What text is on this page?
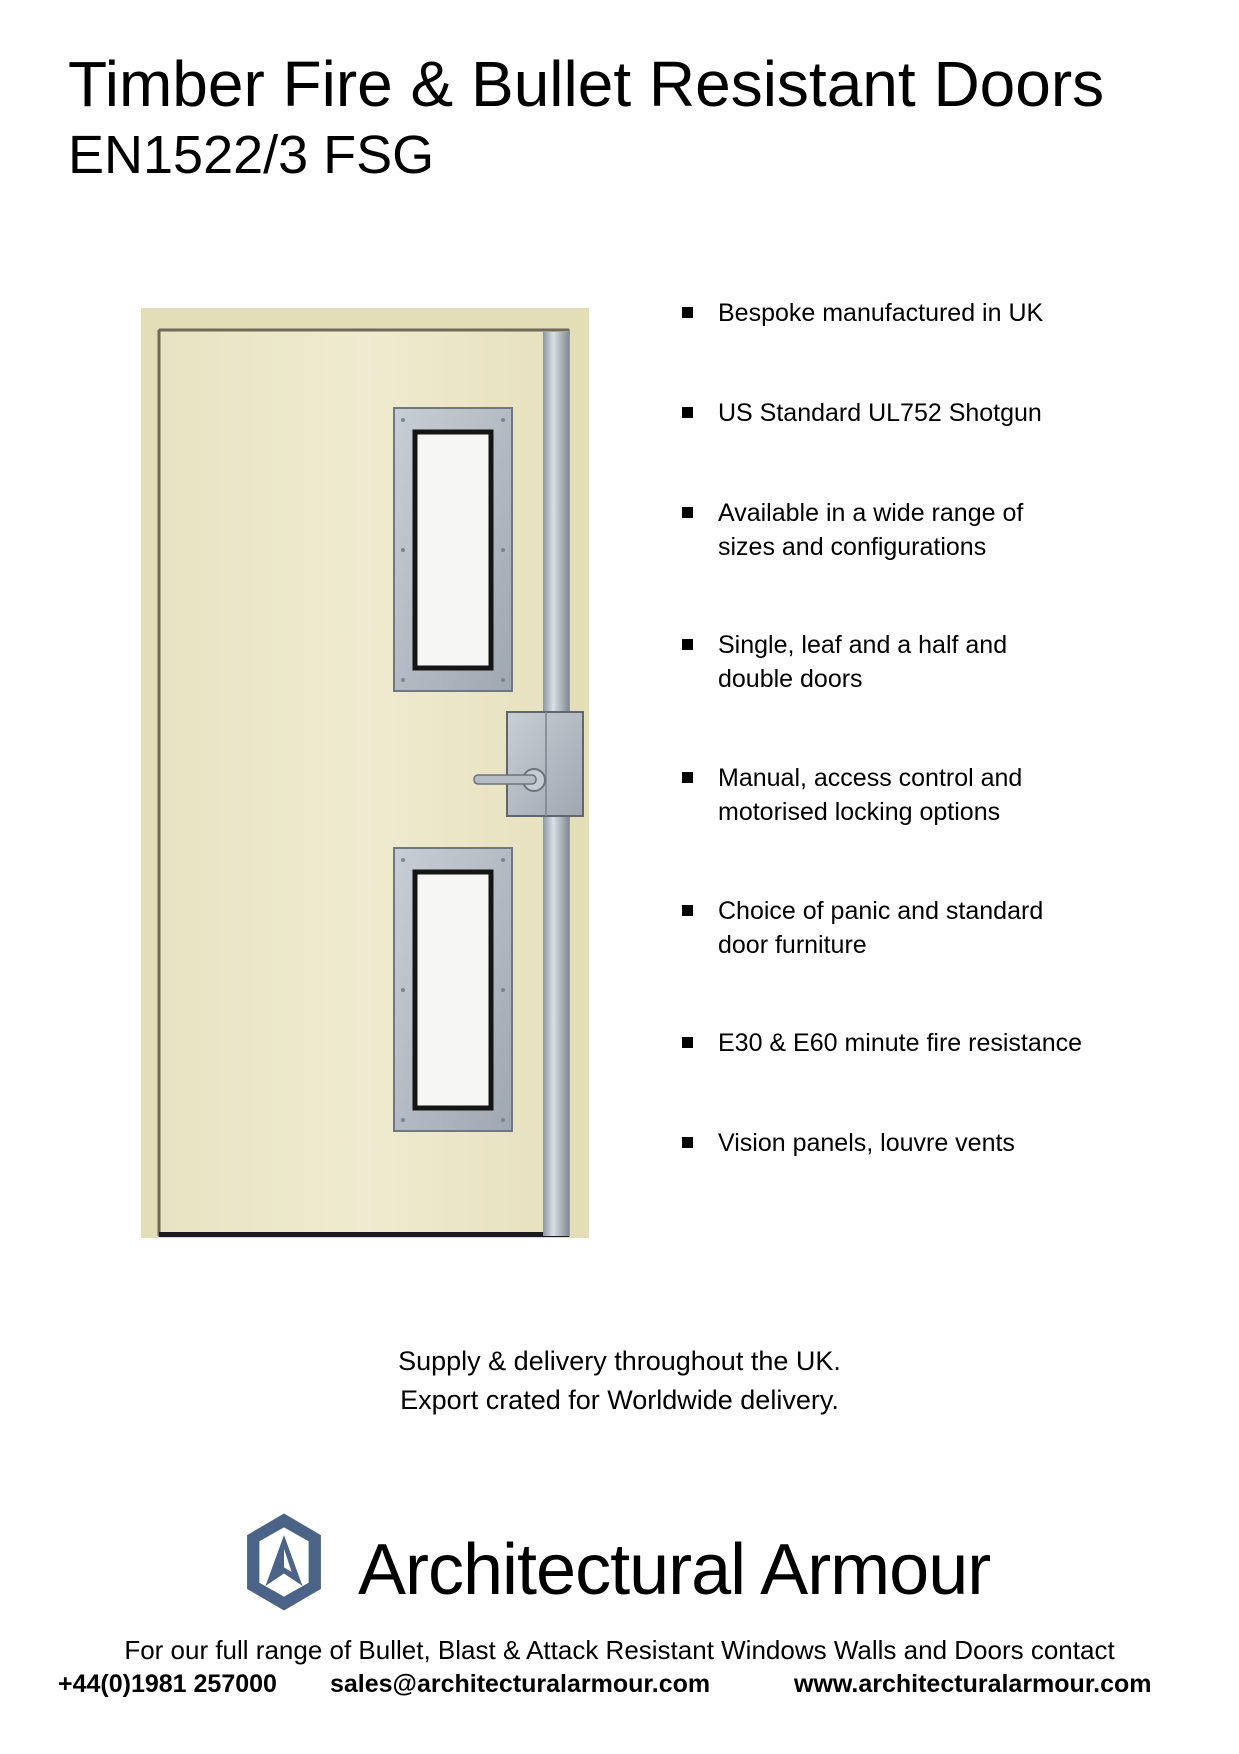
Timber Fire & Bullet Resistant Doors
EN1522/3 FSG
Bespoke manufactured in UK
US Standard UL752 Shotgun
Available in a wide range of
sizes and configurations
Single, leaf and a half and
double doors
Manual, access control and
motorised locking options
Choice of panic and standard
door furniture
E30 & E60 minute fire resistance
Vision panels, louvre vents
Supply & delivery throughout the UK.
Export crated for Worldwide delivery.
Architectural Armour
For our full range of Bullet, Blast & Attack Resistant Windows Walls and Doors contact
+44(0)1981 257000 sales@architecturalarmour.com	www.architecturalarmour.com
